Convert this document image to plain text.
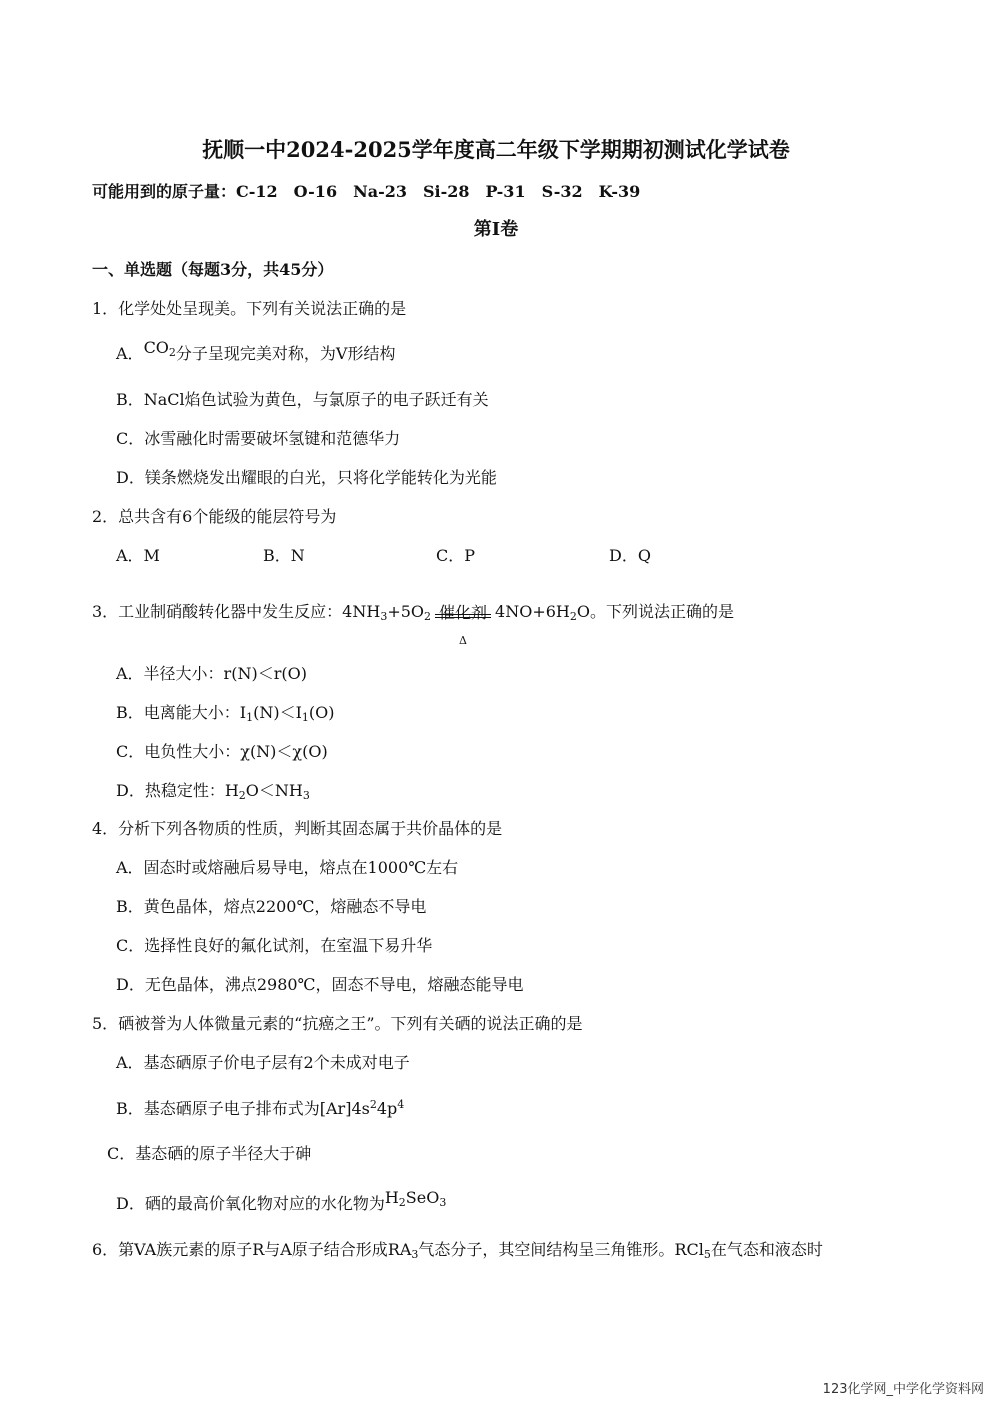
抚顺一中2024-2025学年度高二年级下学期期初测试化学试卷
可能用到的原子量：C-12　O-16　Na-23　Si-28　P-31　S-32　K-39
第Ⅰ卷
一、单选题（每题3分，共45分）
1．化学处处呈现美。下列有关说法正确的是
A．$CO_2$分子呈现完美对称，为V形结构
B．NaCl焰色试验为黄色，与氯原子的电子跃迁有关
C．冰雪融化时需要破坏氢键和范德华力
D．镁条燃烧发出耀眼的白光，只将化学能转化为光能
2．总共含有6个能级的能层符号为
A．M	B．N	C．P	D．Q
3．工业制硝酸转化器中发生反应：$4NH_3+5O_2$ 催化剂
Δ
$4NO+6H_2O$。下列说法正确的是
A．半径大小：r(N)＜r(O)
B．电离能大小：$I_1(N)<I_1(O)$
C．电负性大小：χ(N)＜χ(O)
D．热稳定性：$H_2O<NH_3$
4．分析下列各物质的性质，判断其固态属于共价晶体的是
A．固态时或熔融后易导电，熔点在1000℃左右
B．黄色晶体，熔点2200℃，熔融态不导电
C．选择性良好的氟化试剂，在室温下易升华
D．无色晶体，沸点2980℃，固态不导电，熔融态能导电
5．硒被誉为人体微量元素的“抗癌之王”。下列有关硒的说法正确的是
A．基态硒原子价电子层有2个未成对电子
B．基态硒原子电子排布式为$[Ar]4s^24p^4$
C．基态硒的原子半径大于砷
D．硒的最高价氧化物对应的水化物为$H_2SeO_3$
6．第VA族元素的原子R与A原子结合形成$RA_3$气态分子，其空间结构呈三角锥形。RCl$_5$在气态和液态时
123化学网_中学化学资料网
